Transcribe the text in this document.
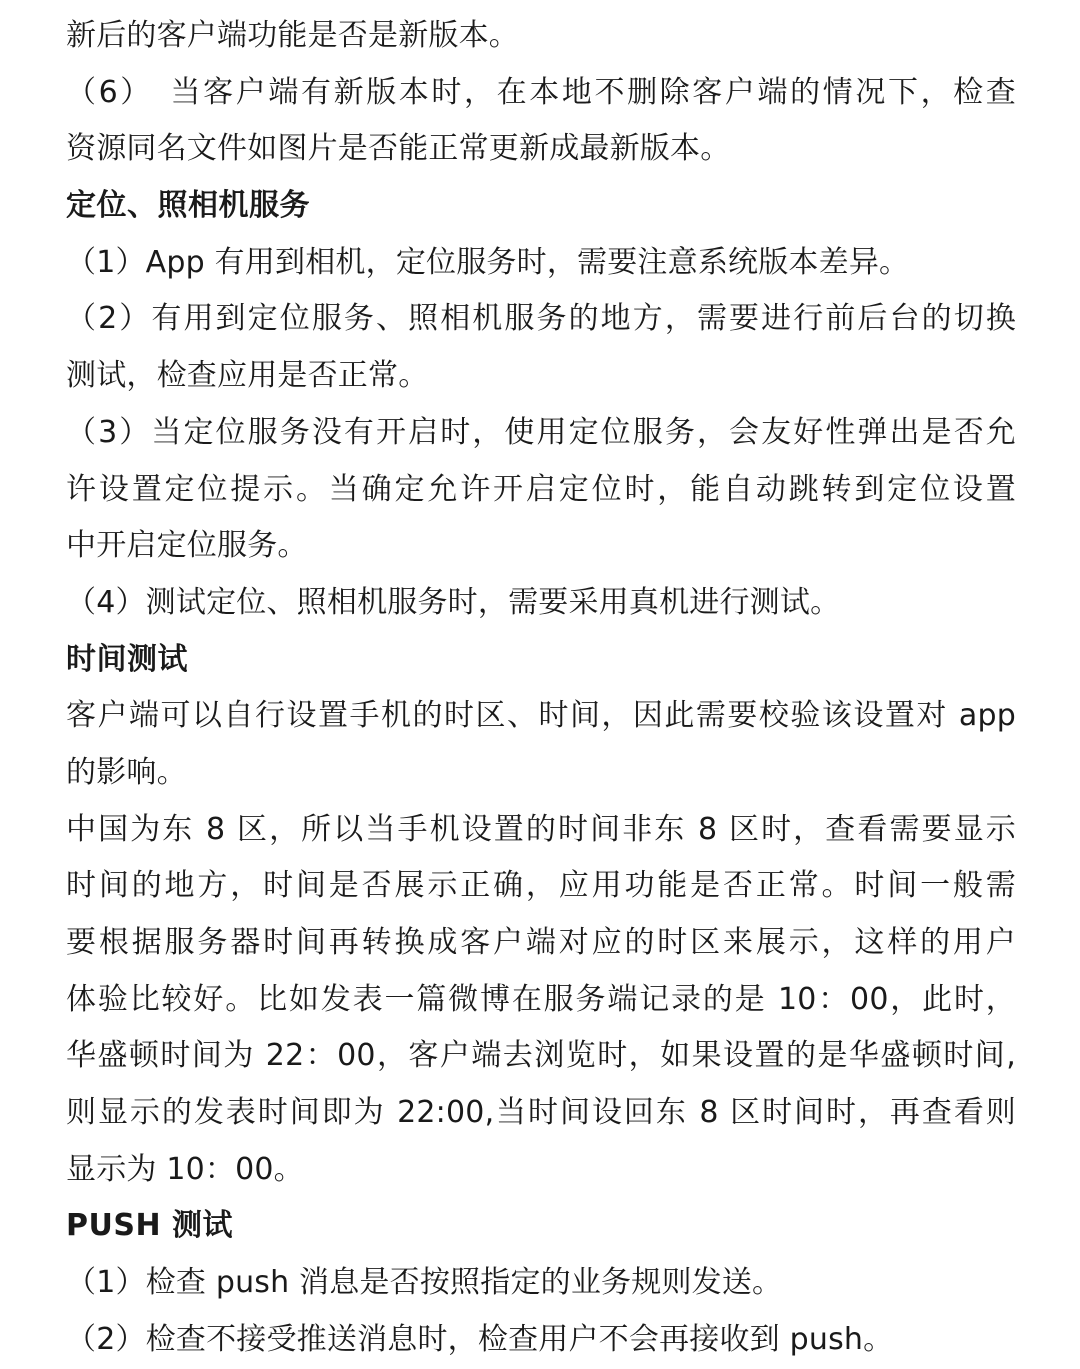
新后的客户端功能是否是新版本。
（6）　当客户端有新版本时，在本地不删除客户端的情况下，检查
资源同名文件如图片是否能正常更新成最新版本。
定位、照相机服务
（1）App 有用到相机，定位服务时，需要注意系统版本差异。
（2）有用到定位服务、照相机服务的地方，需要进行前后台的切换
测试，检查应用是否正常。
（3）当定位服务没有开启时，使用定位服务，会友好性弹出是否允
许设置定位提示。当确定允许开启定位时，能自动跳转到定位设置
中开启定位服务。
（4）测试定位、照相机服务时，需要采用真机进行测试。
时间测试
客户端可以自行设置手机的时区、时间，因此需要校验该设置对 app
的影响。
中国为东 8 区，所以当手机设置的时间非东 8 区时，查看需要显示
时间的地方，时间是否展示正确，应用功能是否正常。时间一般需
要根据服务器时间再转换成客户端对应的时区来展示，这样的用户
体验比较好。比如发表一篇微博在服务端记录的是 10：00，此时，
华盛顿时间为 22：00，客户端去浏览时，如果设置的是华盛顿时间,
则显示的发表时间即为 22:00,当时间设回东 8 区时间时，再查看则
显示为 10：00。
PUSH 测试
（1）检查 push 消息是否按照指定的业务规则发送。
（2）检查不接受推送消息时，检查用户不会再接收到 push。
